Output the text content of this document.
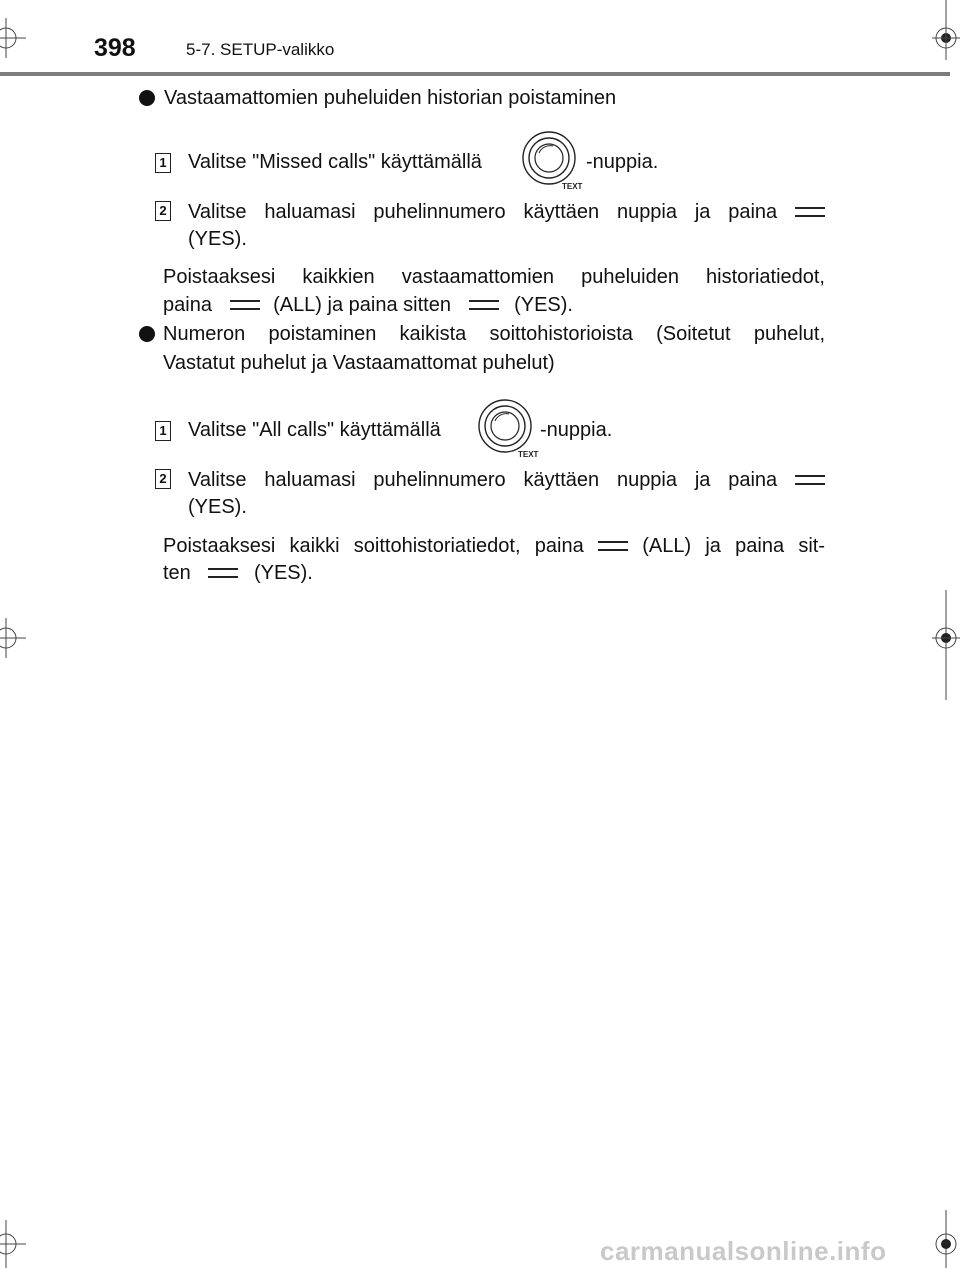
398	5-7. SETUP-valikko
Vastaamattomien puheluiden historian poistaminen
1 Valitse "Missed calls" käyttämällä
TEXT
-nuppia.
2 Valitse haluamasi puhelinnumero käyttäen nuppia ja paina
(YES).
Poistaaksesi kaikkien vastaamattomien puheluiden historiatiedot,
paina	(ALL) ja paina sitten	(YES).
Numeron poistaminen kaikista soittohistorioista (Soitetut puhelut,
Vastatut puhelut ja Vastaamattomat puhelut)
1 Valitse "All calls" käyttämällä
TEXT
-nuppia.
2 Valitse haluamasi puhelinnumero käyttäen nuppia ja paina
(YES).
Poistaaksesi kaikki soittohistoriatiedot, paina	(ALL) ja paina sit-
ten	(YES).
carmanualsonline.info
